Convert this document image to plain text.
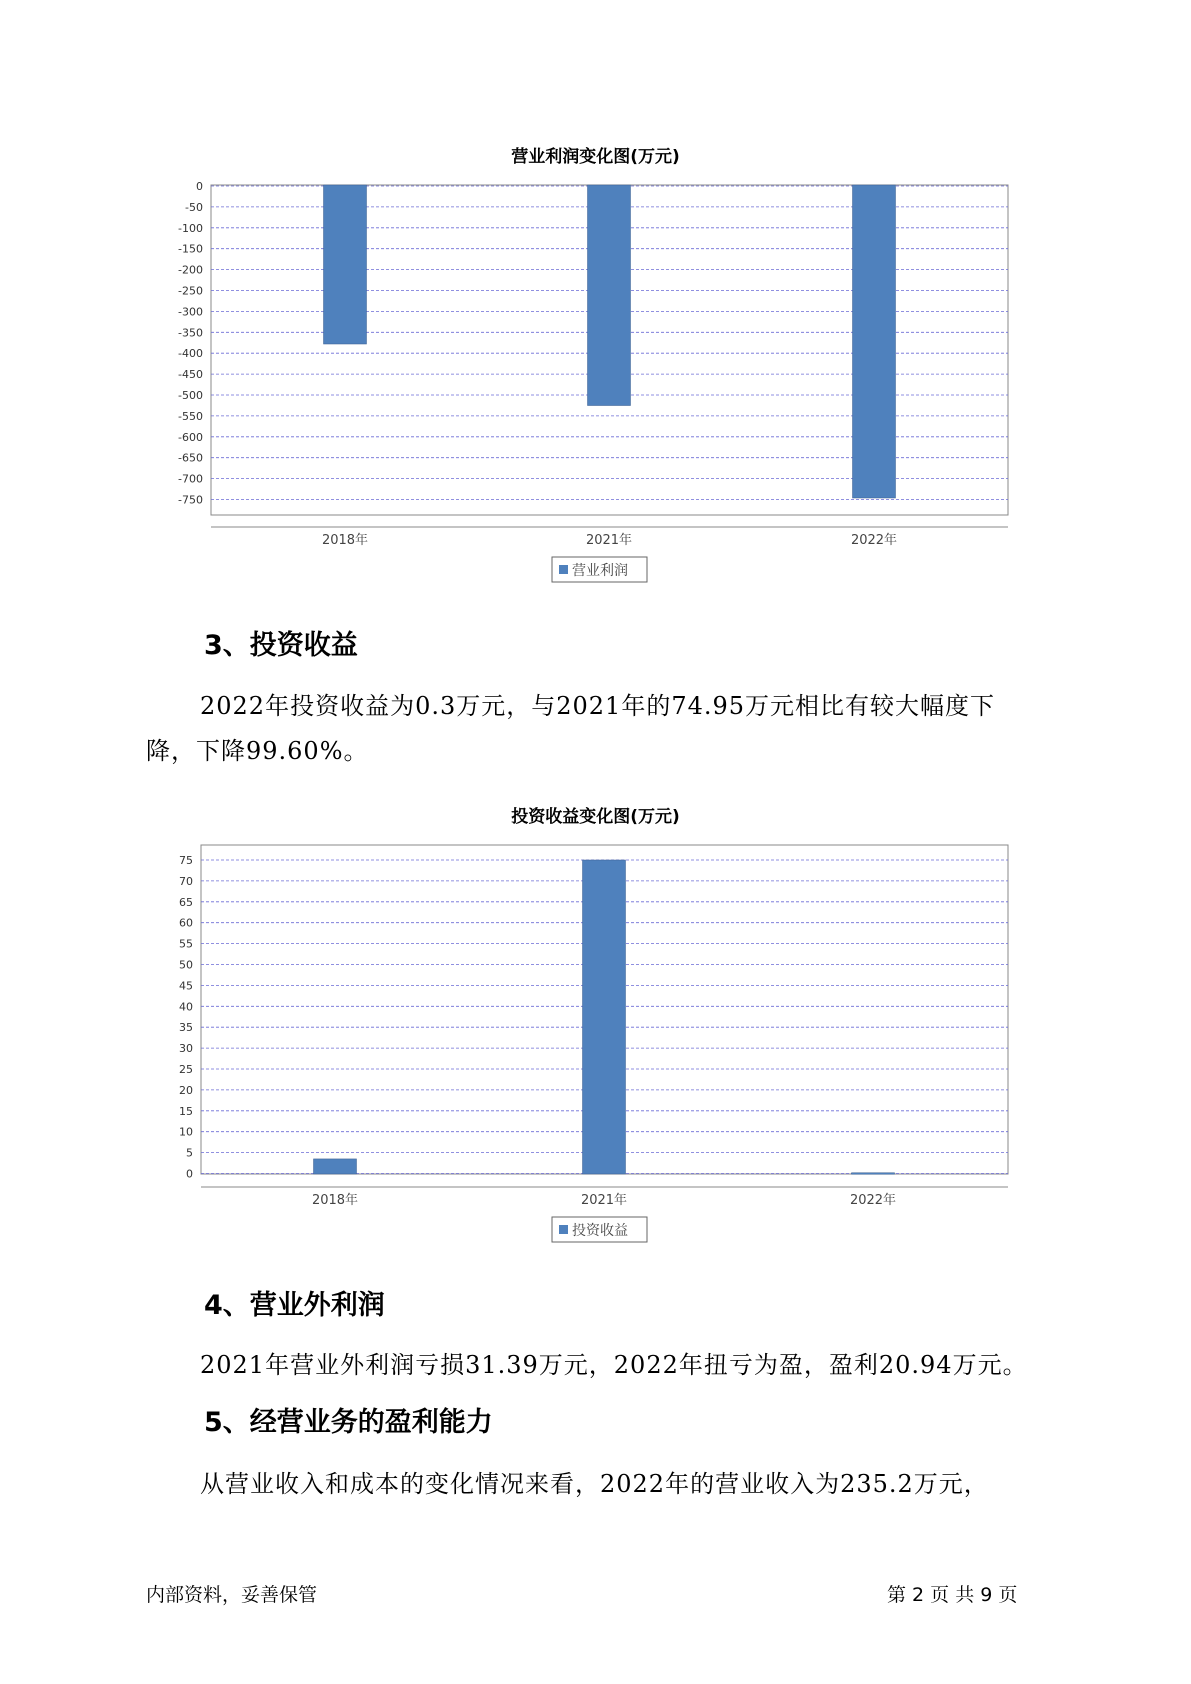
营业利润变化图(万元)
0
-50
-100
-150
-200
-250
-300
-350
-400
-450
-500
-550
-600
-650
-700
-750
2018年	2021年	2022年
营业利润
3、投资收益
2022年投资收益为0.3万元，与2021年的74.95万元相比有较大幅度下
降，下降99.60%。
投资收益变化图(万元)
75
70
65
60
55
50
45
40
35
30
25
20
15
10
5
0
2018年	2021年	2022年
投资收益
4、营业外利润
2021年营业外利润亏损31.39万元，2022年扭亏为盈，盈利20.94万元。
5、经营业务的盈利能力
从营业收入和成本的变化情况来看，2022年的营业收入为235.2万元，
内部资料，妥善保管	第 2 页 共 9 页
